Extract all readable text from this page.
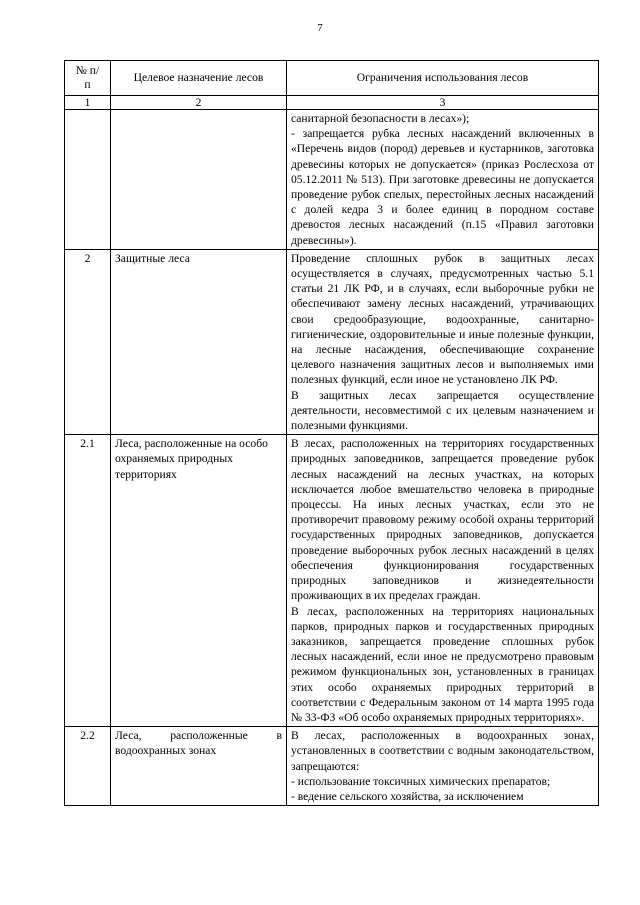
7
№ п/п	Целевое назначение лесов	Ограничения использования лесов
1	2	3

		санитарной безопасности в лесах»);

- запрещается рубка лесных насаждений включенных в «Перечень видов (пород) деревьев и кустарников, заготовка древесины которых не допускается» (приказ Рослесхоза от 05.12.2011 № 513). При заготовке древесины не допускается проведение рубок спелых, перестойных лесных насаждений с долей кедра 3 и более единиц в породном составе древостоя лесных насаждений (п.15 «Правил заготовки древесины»).

2	Защитные леса	Проведение сплошных рубок в защитных лесах осуществляется в случаях, предусмотренных частью 5.1 статьи 21 ЛК РФ, и в случаях, если выборочные рубки не обеспечивают замену лесных насаждений, утрачивающих свои средообразующие, водоохранные, санитарно-гигиенические, оздоровительные и иные полезные функции, на лесные насаждения, обеспечивающие сохранение целевого назначения защитных лесов и выполняемых ими полезных функций, если иное не установлено ЛК РФ.

В защитных лесах запрещается осуществление деятельности, несовместимой с их целевым назначением и полезными функциями.

2.1	Леса, расположенные на особо охраняемых природных территориях	В лесах, расположенных на территориях государственных природных заповедников, запрещается проведение рубок лесных насаждений на лесных участках, на которых исключается любое вмешательство человека в природные процессы. На иных лесных участках, если это не противоречит правовому режиму особой охраны территорий государственных природных заповедников, допускается проведение выборочных рубок лесных насаждений в целях обеспечения функционирования государственных природных заповедников и жизнедеятельности проживающих в их пределах граждан.

В лесах, расположенных на территориях национальных парков, природных парков и государственных природных заказников, запрещается проведение сплошных рубок лесных насаждений, если иное не предусмотрено правовым режимом функциональных зон, установленных в границах этих особо охраняемых природных территорий в соответствии с Федеральным законом от 14 марта 1995 года № 33-ФЗ «Об особо охраняемых природных территориях».

2.2	Леса, расположенные в водоохранных зонах	В лесах, расположенных в водоохранных зонах, установленных в соответствии с водным законодательством, запрещаются:

- использование токсичных химических препаратов;

- ведение сельского хозяйства, за исключением
